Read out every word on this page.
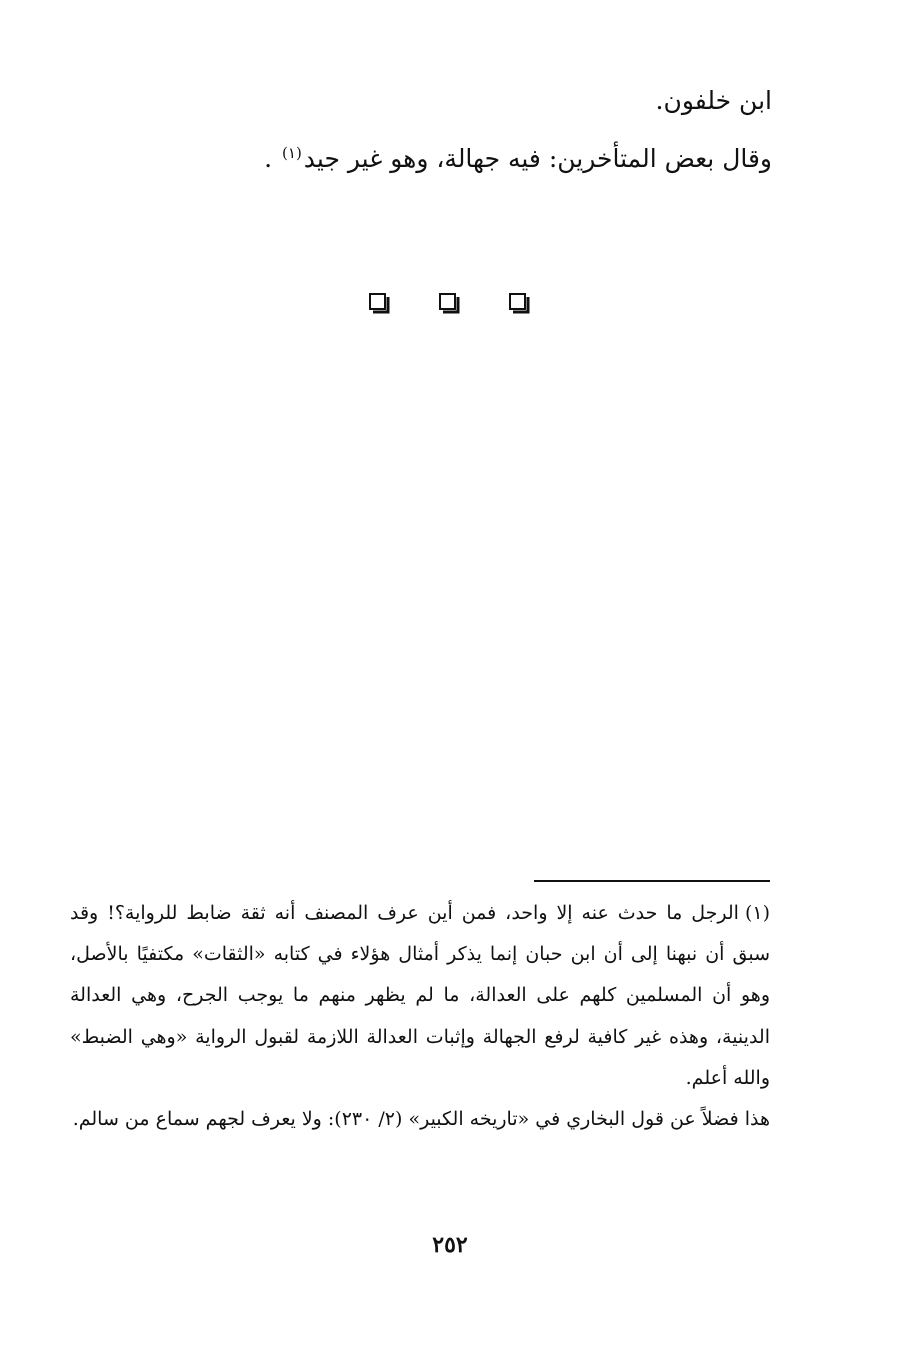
ابن خلفون.

وقال بعض المتأخرين: فيه جهالة، وهو غير جيد$^{(١)}$ .

(١)الرجل ما حدث عنه إلا واحد، فمن أين عرف المصنف أنه ثقة ضابط للرواية؟! وقد سبق أن نبهنا إلى أن ابن حبان إنما يذكر أمثال هؤلاء في كتابه «الثقات» مكتفيًا بالأصل، وهو أن المسلمين كلهم على العدالة، ما لم يظهر منهم ما يوجب الجرح، وهي العدالة الدينية، وهذه غير كافية لرفع الجهالة وإثبات العدالة اللازمة لقبول الرواية «وهي الضبط» والله أعلم.

هذا فضلاً عن قول البخاري في «تاريخه الكبير» (٢/ ٢٣٠): ولا يعرف لجهم سماع من سالم.

٢٥٢
